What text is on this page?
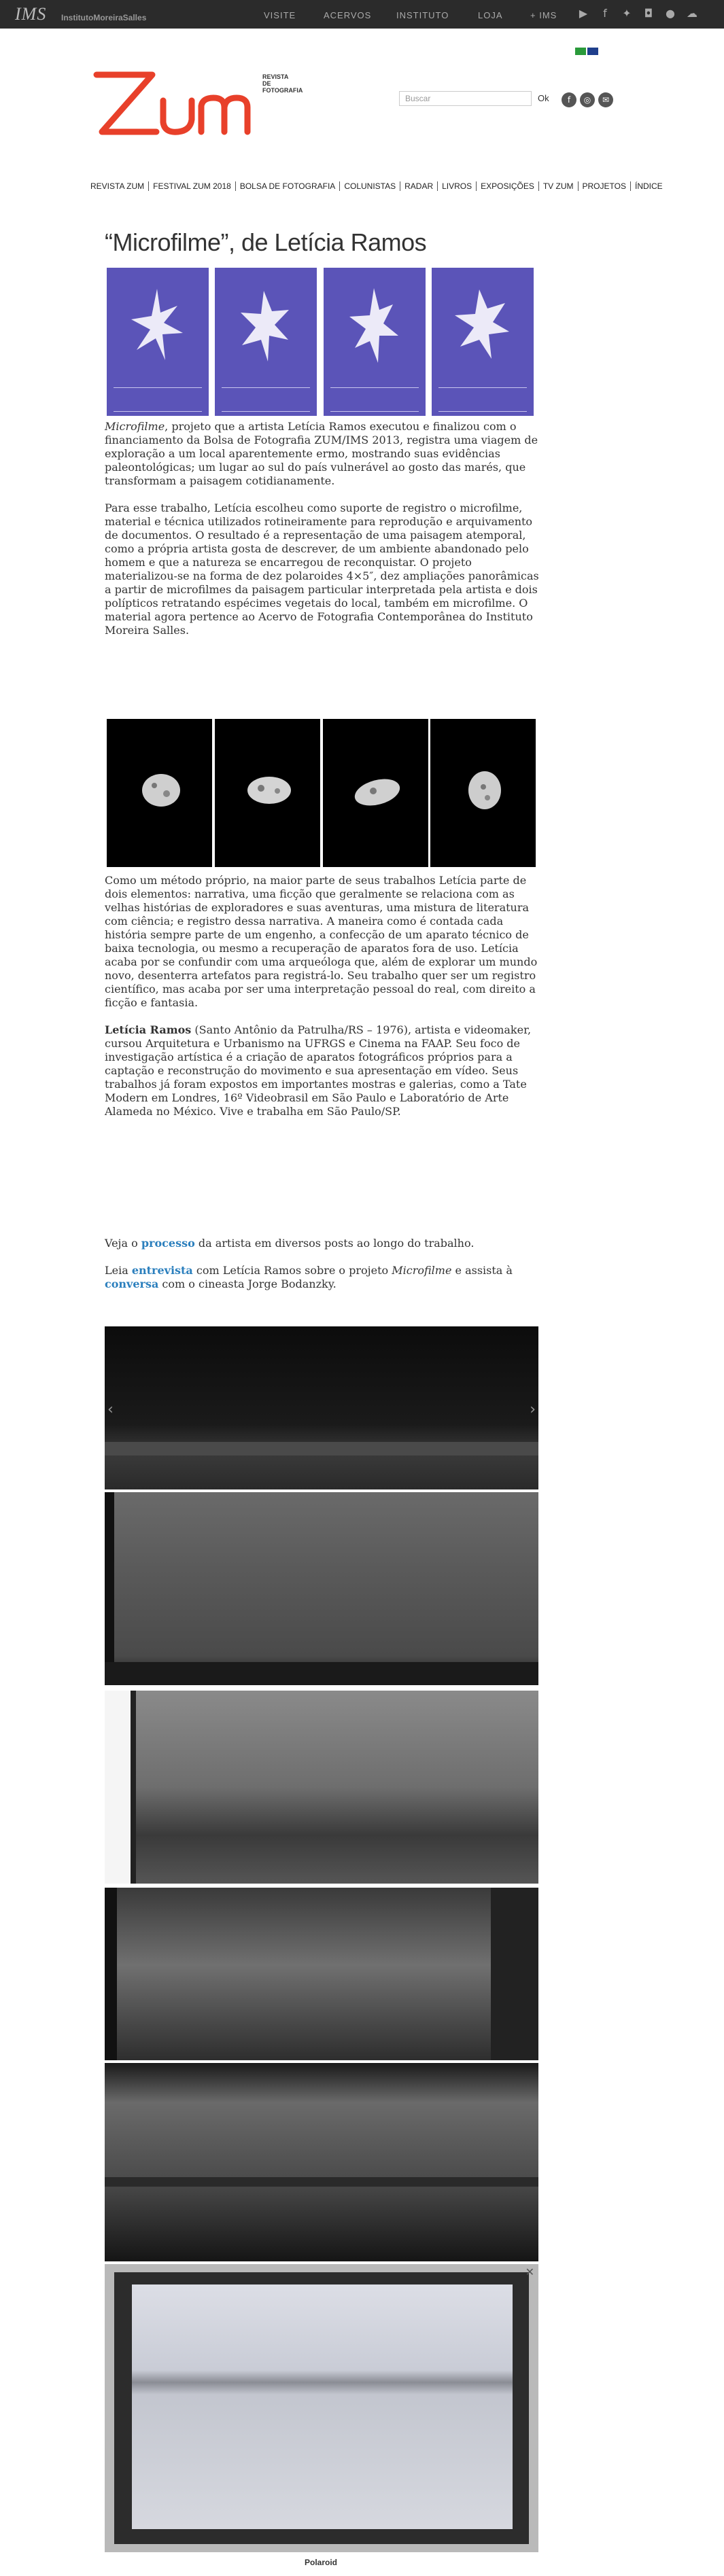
IMS InstitutoMoreiraSalles	VISITE	ACERVOS	INSTITUTO	LOJA	+ IMS ▶	f	✦ ◘ ● ☁
REVISTA
DE
FOTOGRAFIA
Buscar	Ok	f	◎	✉
REVISTA ZUM	FESTIVAL ZUM 2018	BOLSA DE FOTOGRAFIA	COLUNISTAS	RADAR	LIVROS	EXPOSIÇÕES	TV ZUM	PROJETOS	ÍNDICE
“Microfilme”, de Letícia Ramos

Microfilme, projeto que a artista Letícia Ramos executou e finalizou com o financiamento da Bolsa de Fotografia ZUM/IMS 2013, registra uma viagem de exploração a um local aparentemente ermo, mostrando suas evidências paleontológicas; um lugar ao sul do país vulnerável ao gosto das marés, que transformam a paisagem cotidianamente.

Para esse trabalho, Letícia escolheu como suporte de registro o microfilme, material e técnica utilizados rotineiramente para reprodução e arquivamento de documentos. O resultado é a representação de uma paisagem atemporal, como a própria artista gosta de descrever, de um ambiente abandonado pelo homem e que a natureza se encarregou de reconquistar. O projeto materializou-se na forma de dez polaroides 4×5″, dez ampliações panorâmicas a partir de microfilmes da paisagem particular interpretada pela artista e dois polípticos retratando espécimes vegetais do local, também em microfilme. O material agora pertence ao Acervo de Fotografia Contemporânea do Instituto Moreira Salles.

Como um método próprio, na maior parte de seus trabalhos Letícia parte de dois elementos: narrativa, uma ficção que geralmente se relaciona com as velhas histórias de exploradores e suas aventuras, uma mistura de literatura com ciência; e registro dessa narrativa. A maneira como é contada cada história sempre parte de um engenho, a confecção de um aparato técnico de baixa tecnologia, ou mesmo a recuperação de aparatos fora de uso. Letícia acaba por se confundir com uma arqueóloga que, além de explorar um mundo novo, desenterra artefatos para registrá-lo. Seu trabalho quer ser um registro científico, mas acaba por ser uma interpretação pessoal do real, com direito a ficção e fantasia.

Letícia Ramos (Santo Antônio da Patrulha/RS – 1976), artista e videomaker, cursou Arquitetura e Urbanismo na UFRGS e Cinema na FAAP. Seu foco de investigação artística é a criação de aparatos fotográficos próprios para a captação e reconstrução do movimento e sua apresentação em vídeo. Seus trabalhos já foram expostos em importantes mostras e galerias, como a Tate Modern em Londres, 16º Videobrasil em São Paulo e Laboratório de Arte Alameda no México. Vive e trabalha em São Paulo/SP.

Veja o processo da artista em diversos posts ao longo do trabalho.

Leia entrevista com Letícia Ramos sobre o projeto Microfilme e assista à conversa com o cineasta Jorge Bodanzky.

‹	›
✕
Polaroid
